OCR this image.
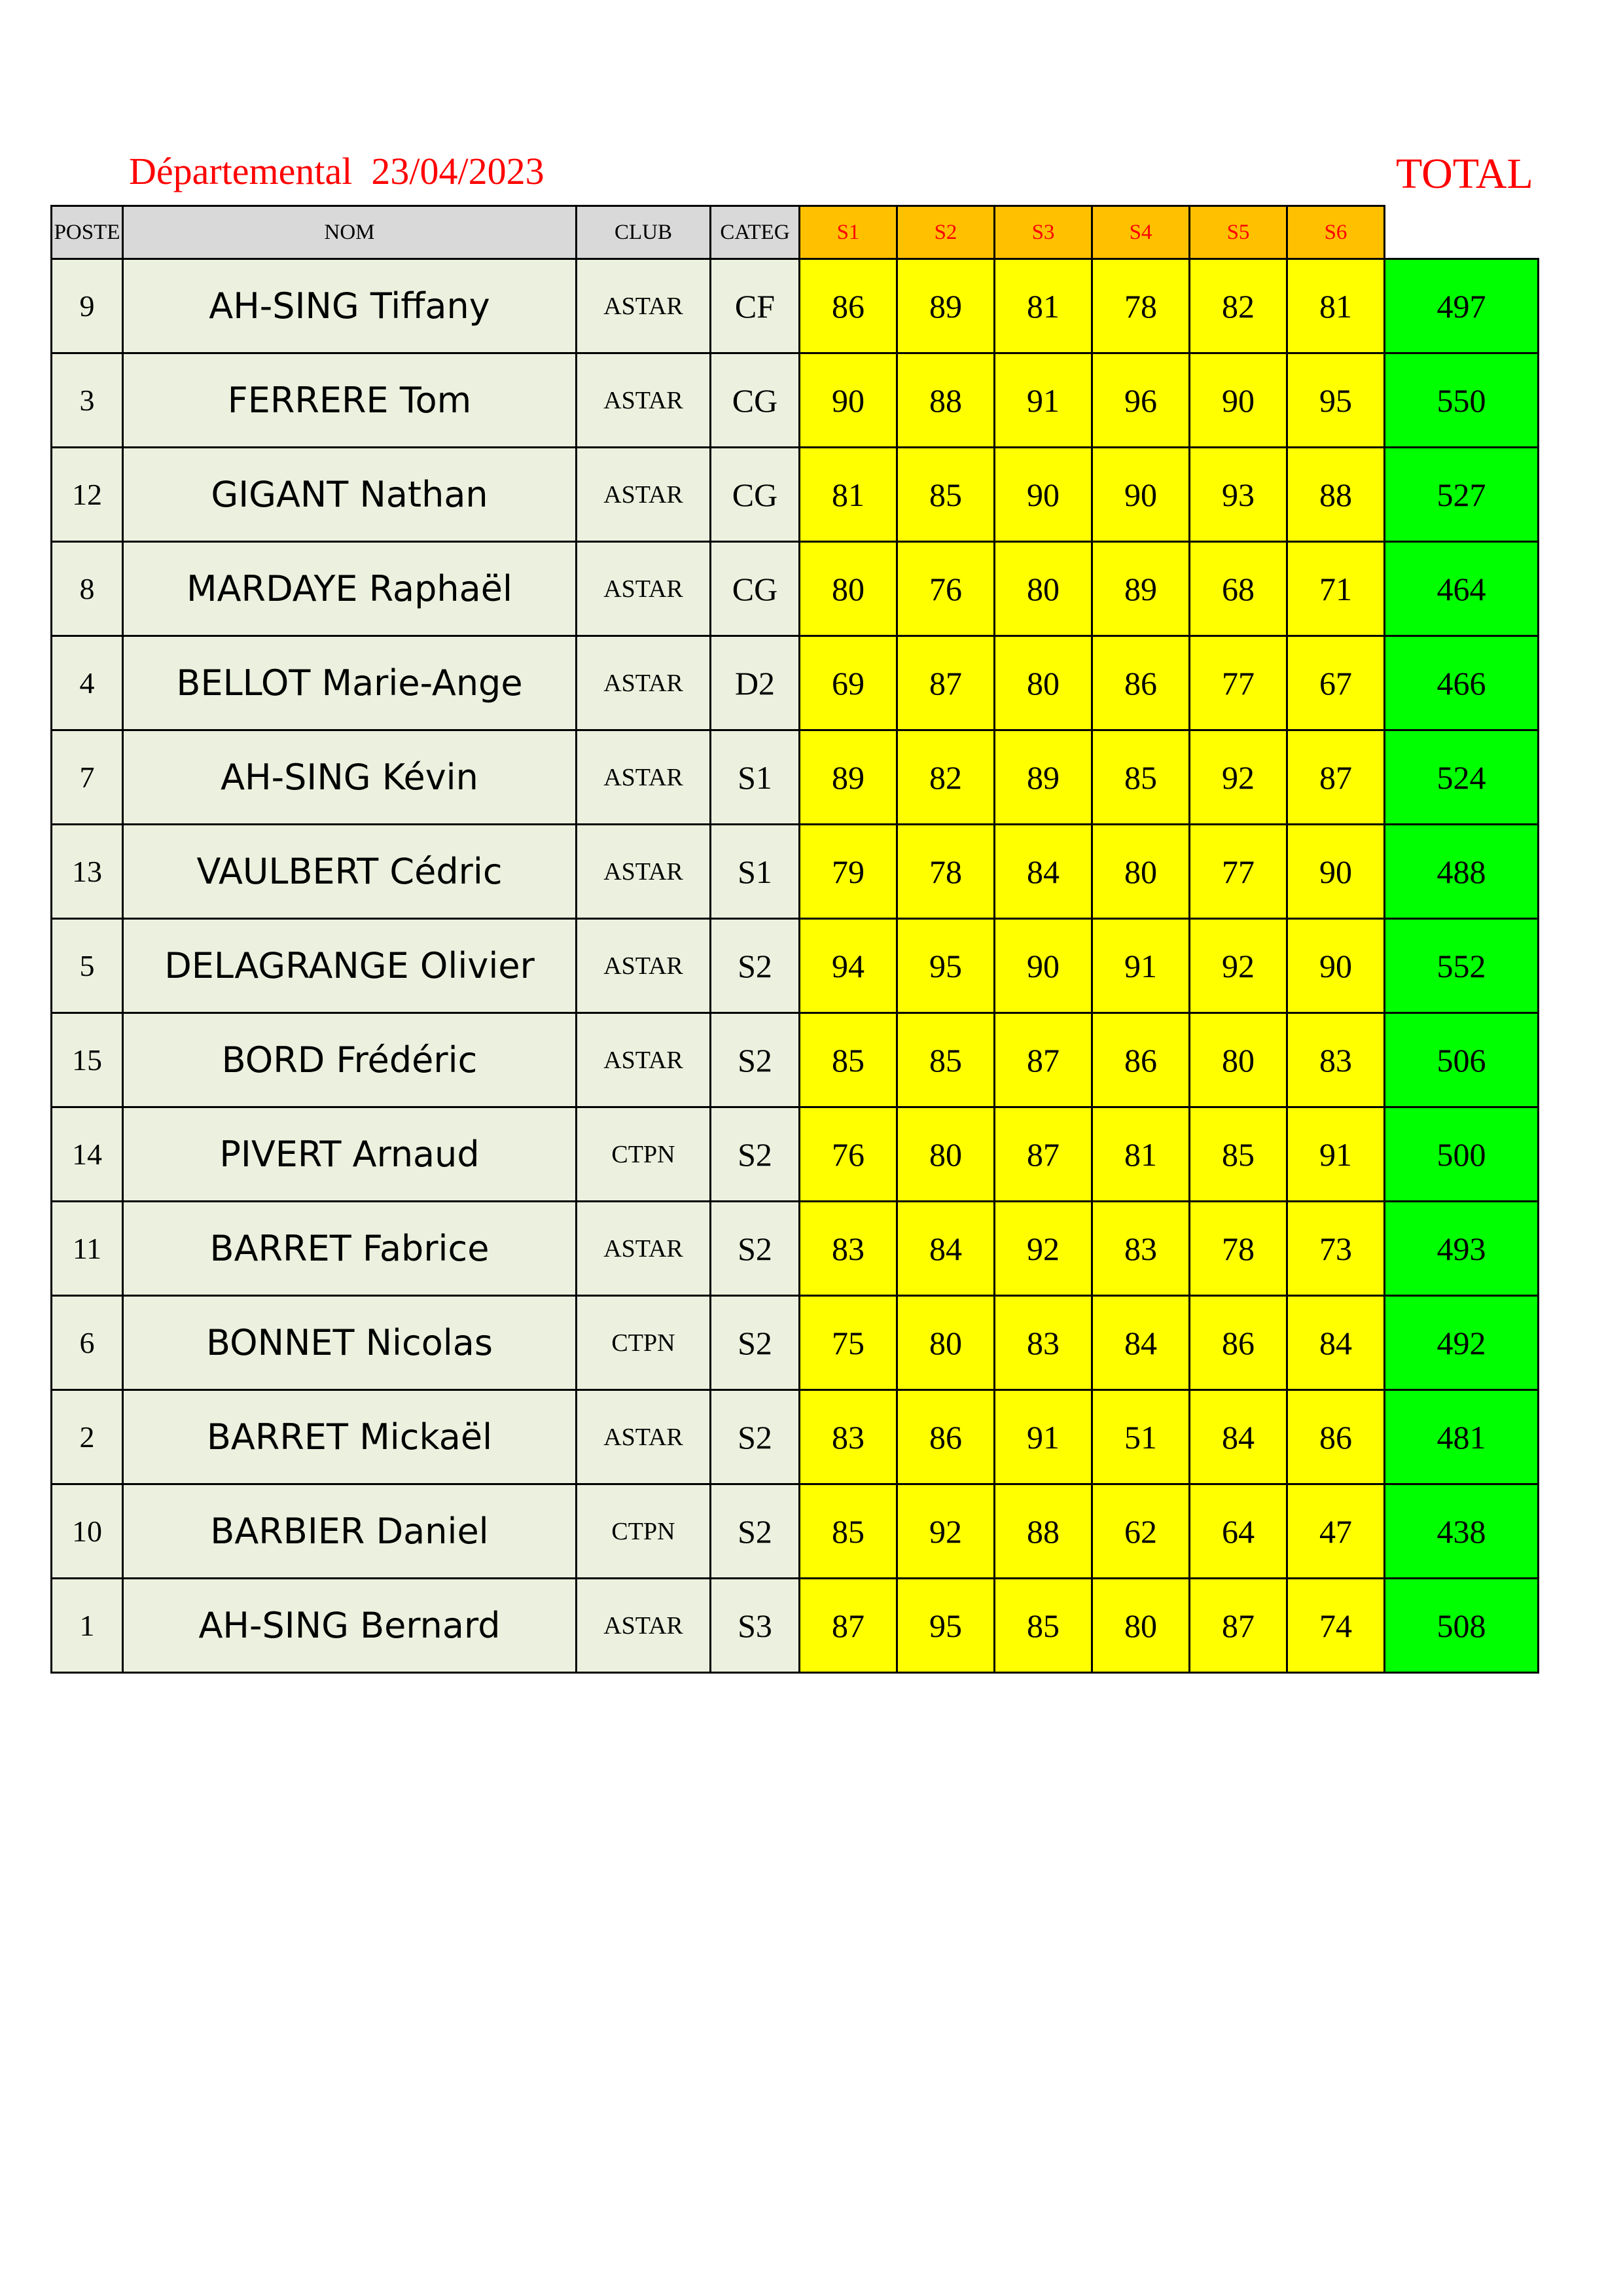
Départemental  23/04/2023	TOTAL
POSTE	NOM	CLUB	CATEG	S1	S2	S3	S4	S5	S6	
9	AH-SING Tiffany	ASTAR	CF	86	89	81	78	82	81	497
3	FERRERE Tom	ASTAR	CG	90	88	91	96	90	95	550
12	GIGANT Nathan	ASTAR	CG	81	85	90	90	93	88	527
8	MARDAYE Raphaël	ASTAR	CG	80	76	80	89	68	71	464
4	BELLOT Marie-Ange	ASTAR	D2	69	87	80	86	77	67	466
7	AH-SING Kévin	ASTAR	S1	89	82	89	85	92	87	524
13	VAULBERT Cédric	ASTAR	S1	79	78	84	80	77	90	488
5	DELAGRANGE Olivier	ASTAR	S2	94	95	90	91	92	90	552
15	BORD Frédéric	ASTAR	S2	85	85	87	86	80	83	506
14	PIVERT Arnaud	CTPN	S2	76	80	87	81	85	91	500
11	BARRET Fabrice	ASTAR	S2	83	84	92	83	78	73	493
6	BONNET Nicolas	CTPN	S2	75	80	83	84	86	84	492
2	BARRET Mickaël	ASTAR	S2	83	86	91	51	84	86	481
10	BARBIER Daniel	CTPN	S2	85	92	88	62	64	47	438
1	AH-SING Bernard	ASTAR	S3	87	95	85	80	87	74	508
